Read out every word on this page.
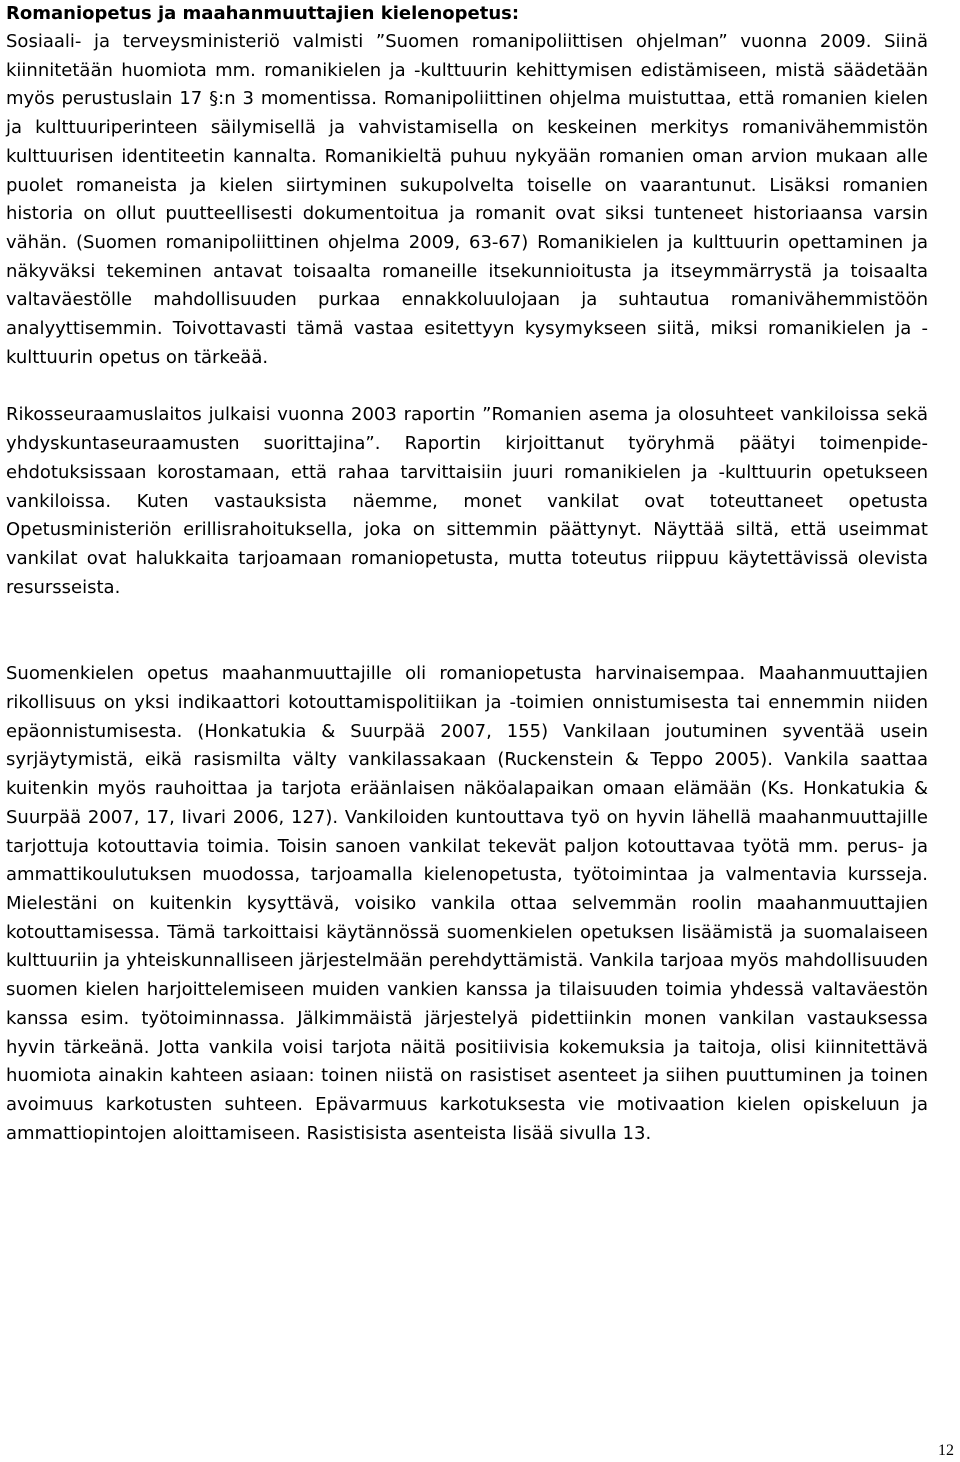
Romaniopetus ja maahanmuuttajien kielenopetus:

Sosiaali- ja terveysministeriö valmisti ”Suomen romanipoliittisen ohjelman” vuonna 2009. Siinä kiinnitetään huomiota mm. romanikielen ja -kulttuurin kehittymisen edistämiseen, mistä säädetään myös perustuslain 17 §:n 3 momentissa. Romanipoliittinen ohjelma muistuttaa, että romanien kielen ja kulttuuriperinteen säilymisellä ja vahvistamisella on keskeinen merkitys romanivähemmistön kulttuurisen identiteetin kannalta. Romanikieltä puhuu nykyään romanien oman arvion mukaan alle puolet romaneista ja kielen siirtyminen sukupolvelta toiselle on vaarantunut. Lisäksi romanien historia on ollut puutteellisesti dokumentoitua ja romanit ovat siksi tunteneet historiaansa varsin vähän. (Suomen romanipoliittinen ohjelma 2009, 63-67) Romanikielen ja kulttuurin opettaminen ja näkyväksi tekeminen antavat toisaalta romaneille itsekunnioitusta ja itseymmärrystä ja toisaalta valtaväestölle mahdollisuuden purkaa ennakkoluulojaan ja suhtautua romanivähemmistöön analyyttisemmin. Toivottavasti tämä vastaa esitettyyn kysymykseen siitä, miksi romanikielen ja -kulttuurin opetus on tärkeää.

Rikosseuraamuslaitos julkaisi vuonna 2003 raportin ”Romanien asema ja olosuhteet vankiloissa sekä yhdyskuntaseuraamusten suorittajina”. Raportin kirjoittanut työryhmä päätyi toimenpide-ehdotuksissaan korostamaan, että rahaa tarvittaisiin juuri romanikielen ja -kulttuurin opetukseen vankiloissa. Kuten vastauksista näemme, monet vankilat ovat toteuttaneet opetusta Opetusministeriön erillisrahoituksella, joka on sittemmin päättynyt. Näyttää siltä, että useimmat vankilat ovat halukkaita tarjoamaan romaniopetusta, mutta toteutus riippuu käytettävissä olevista resursseista.

Suomenkielen opetus maahanmuuttajille oli romaniopetusta harvinaisempaa. Maahanmuuttajien rikollisuus on yksi indikaattori kotouttamispolitiikan ja -toimien onnistumisesta tai ennemmin niiden epäonnistumisesta. (Honkatukia & Suurpää 2007, 155) Vankilaan joutuminen syventää usein syrjäytymistä, eikä rasismilta välty vankilassakaan (Ruckenstein & Teppo 2005). Vankila saattaa kuitenkin myös rauhoittaa ja tarjota eräänlaisen näköalapaikan omaan elämään (Ks. Honkatukia & Suurpää 2007, 17, Iivari 2006, 127). Vankiloiden kuntouttava työ on hyvin lähellä maahanmuuttajille tarjottuja kotouttavia toimia. Toisin sanoen vankilat tekevät paljon kotouttavaa työtä mm. perus- ja ammattikoulutuksen muodossa, tarjoamalla kielenopetusta, työtoimintaa ja valmentavia kursseja. Mielestäni on kuitenkin kysyttävä, voisiko vankila ottaa selvemmän roolin maahanmuuttajien kotouttamisessa. Tämä tarkoittaisi käytännössä suomenkielen opetuksen lisäämistä ja suomalaiseen kulttuuriin ja yhteiskunnalliseen järjestelmään perehdyttämistä. Vankila tarjoaa myös mahdollisuuden suomen kielen harjoittelemiseen muiden vankien kanssa ja tilaisuuden toimia yhdessä valtaväestön kanssa esim. työtoiminnassa. Jälkimmäistä järjestelyä pidettiinkin monen vankilan vastauksessa hyvin tärkeänä. Jotta vankila voisi tarjota näitä positiivisia kokemuksia ja taitoja, olisi kiinnitettävä huomiota ainakin kahteen asiaan: toinen niistä on rasistiset asenteet ja siihen puuttuminen ja toinen avoimuus karkotusten suhteen. Epävarmuus karkotuksesta vie motivaation kielen opiskeluun ja ammattiopintojen aloittamiseen. Rasistisista asenteista lisää sivulla 13.

12
